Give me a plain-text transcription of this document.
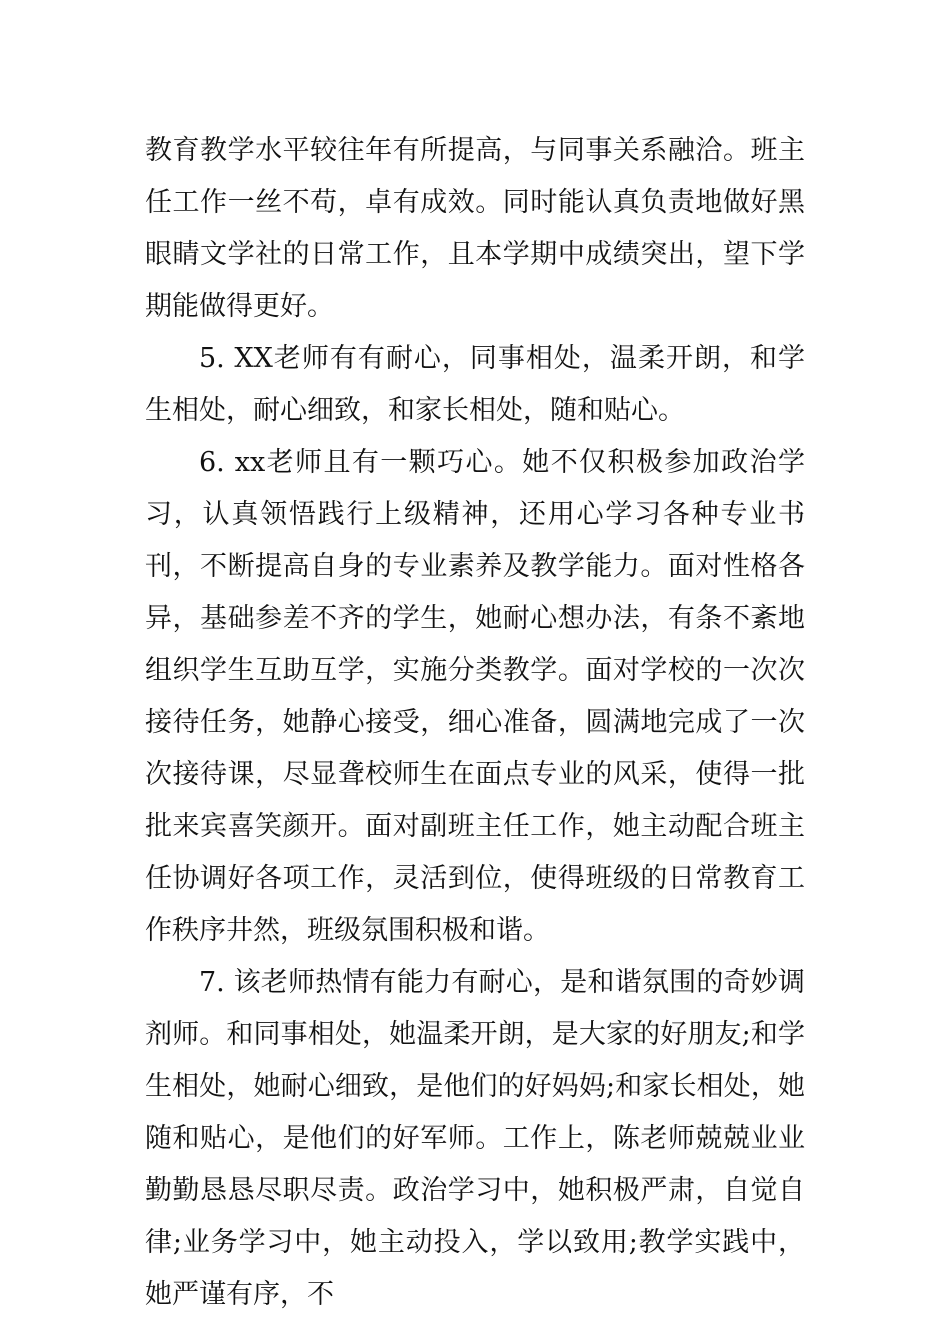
教育教学水平较往年有所提高，与同事关系融洽。班主任工作一丝不苟，卓有成效。同时能认真负责地做好黑眼睛文学社的日常工作，且本学期中成绩突出，望下学期能做得更好。

5. XX老师有有耐心，同事相处，温柔开朗，和学生相处，耐心细致，和家长相处，随和贴心。

6. xx老师且有一颗巧心。她不仅积极参加政治学习，认真领悟践行上级精神，还用心学习各种专业书刊，不断提高自身的专业素养及教学能力。面对性格各异，基础参差不齐的学生，她耐心想办法，有条不紊地组织学生互助互学，实施分类教学。面对学校的一次次接待任务，她静心接受，细心准备，圆满地完成了一次次接待课，尽显聋校师生在面点专业的风采，使得一批批来宾喜笑颜开。面对副班主任工作，她主动配合班主任协调好各项工作，灵活到位，使得班级的日常教育工作秩序井然，班级氛围积极和谐。

7. 该老师热情有能力有耐心，是和谐氛围的奇妙调剂师。和同事相处，她温柔开朗，是大家的好朋友;和学生相处，她耐心细致，是他们的好妈妈;和家长相处，她随和贴心，是他们的好军师。工作上，陈老师兢兢业业勤勤恳恳尽职尽责。政治学习中，她积极严肃，自觉自律;业务学习中，她主动投入，学以致用;教学实践中，她严谨有序，不
